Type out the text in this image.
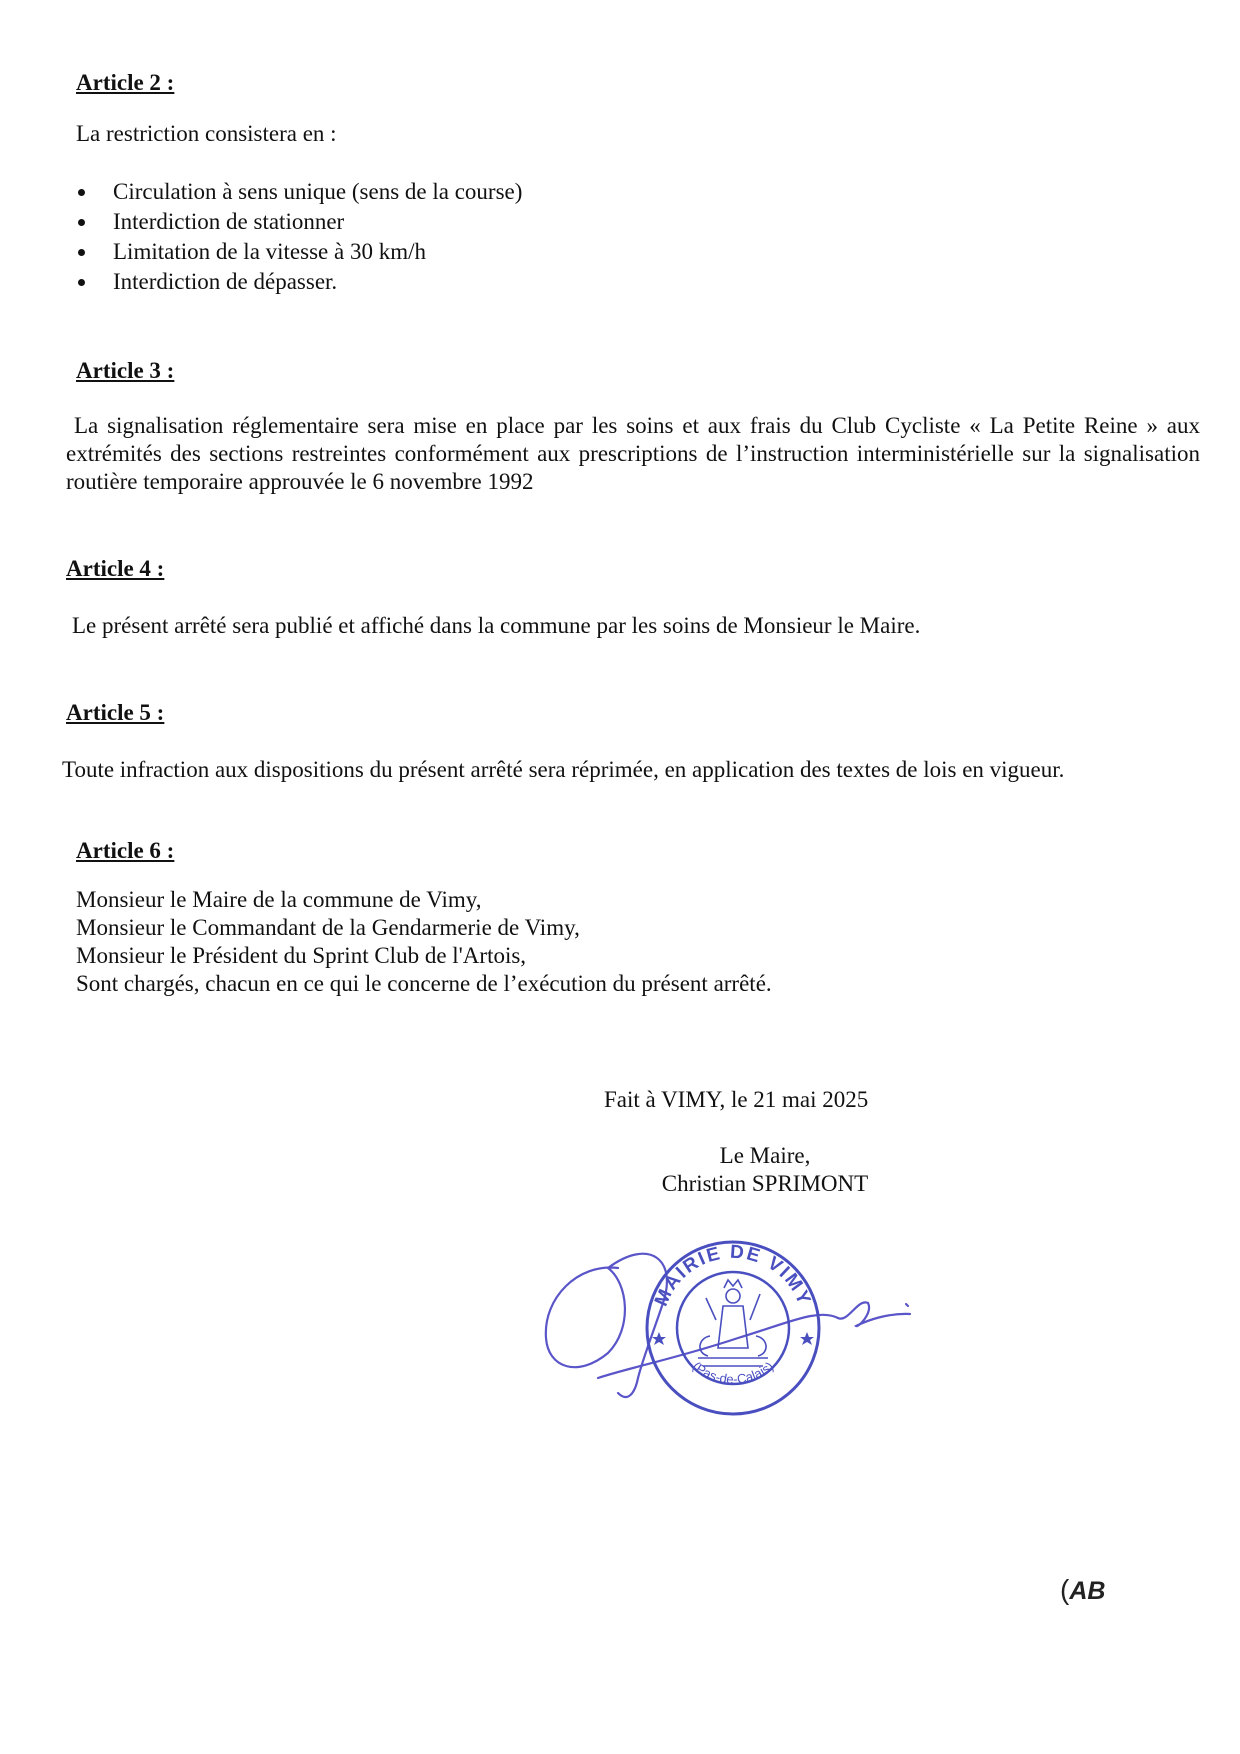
Article 2 :
La restriction consistera en :
Circulation à sens unique (sens de la course)
Interdiction de stationner
Limitation de la vitesse à 30 km/h
Interdiction de dépasser.
Article 3 :
La signalisation réglementaire sera mise en place par les soins et aux frais du Club Cycliste « La Petite Reine » aux extrémités des sections restreintes conformément aux prescriptions de l’instruction interministérielle sur la signalisation routière temporaire approuvée le 6 novembre 1992
Article 4 :
Le présent arrêté sera publié et affiché dans la commune par les soins de Monsieur le Maire.
Article 5 :
Toute infraction aux dispositions du présent arrêté sera réprimée, en application des textes de lois en vigueur.
Article 6 :
Monsieur le Maire de la commune de Vimy,
Monsieur le Commandant de la Gendarmerie de Vimy,
Monsieur le Président du Sprint Club de l'Artois,
Sont chargés, chacun en ce qui le concerne de l’exécution du présent arrêté.
Fait à VIMY, le 21 mai 2025
Le Maire,
Christian SPRIMONT
MAIRIE DE VIMY
(Pas-de-Calais)
(AB
